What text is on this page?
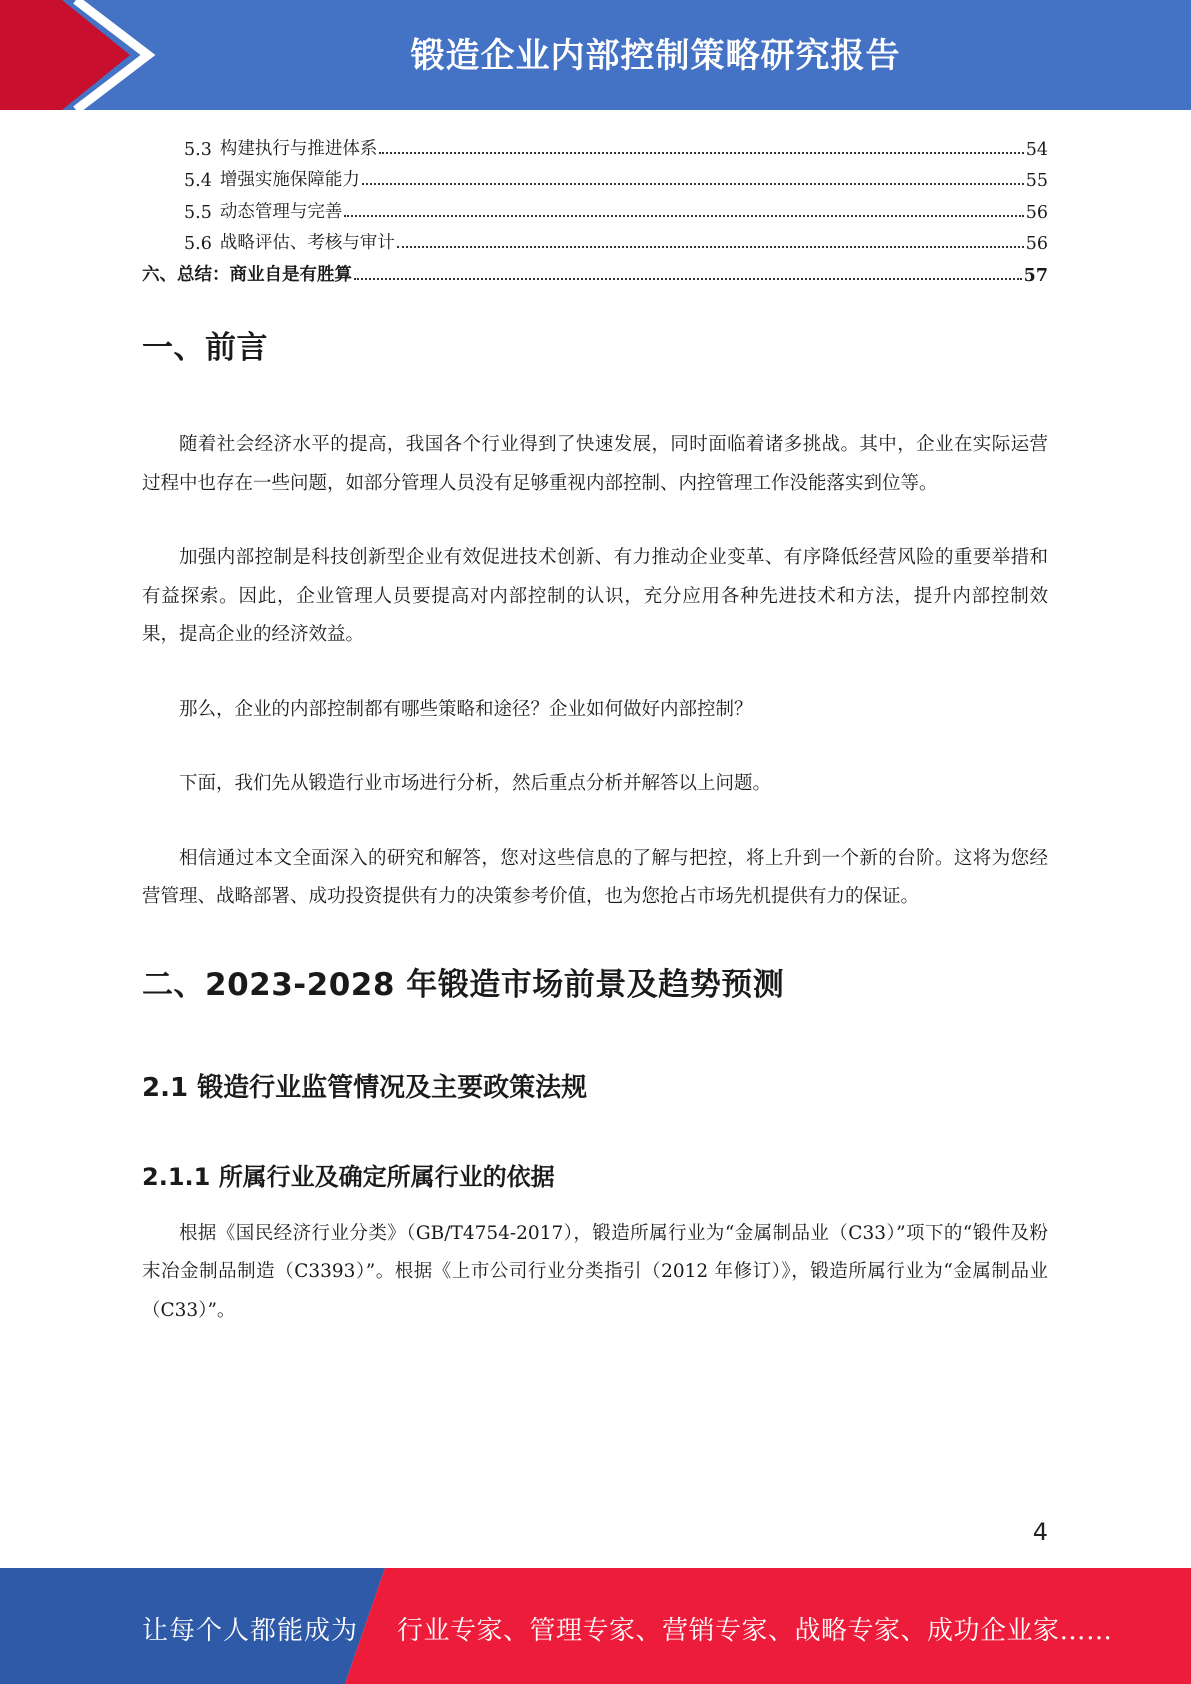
锻造企业内部控制策略研究报告
5.3 构建执行与推进体系	54
5.4 增强实施保障能力	55
5.5 动态管理与完善	56
5.6 战略评估、考核与审计	56
六、总结：商业自是有胜算	57
一、前言

随着社会经济水平的提高，我国各个行业得到了快速发展，同时面临着诸多挑战。其中，企业在实际运营过程中也存在一些问题，如部分管理人员没有足够重视内部控制、内控管理工作没能落实到位等。

加强内部控制是科技创新型企业有效促进技术创新、有力推动企业变革、有序降低经营风险的重要举措和有益探索。因此，企业管理人员要提高对内部控制的认识，充分应用各种先进技术和方法，提升内部控制效果，提高企业的经济效益。

那么，企业的内部控制都有哪些策略和途径？企业如何做好内部控制？

下面，我们先从锻造行业市场进行分析，然后重点分析并解答以上问题。

相信通过本文全面深入的研究和解答，您对这些信息的了解与把控，将上升到一个新的台阶。这将为您经营管理、战略部署、成功投资提供有力的决策参考价值，也为您抢占市场先机提供有力的保证。

二、2023-2028 年锻造市场前景及趋势预测
2.1 锻造行业监管情况及主要政策法规
2.1.1 所属行业及确定所属行业的依据

根据《国民经济行业分类》（GB/T4754-2017），锻造所属行业为“金属制品业（C33）”项下的“锻件及粉末冶金制品制造（C3393）”。根据《上市公司行业分类指引（2012 年修订）》，锻造所属行业为“金属制品业（C33）”。

4
让每个人都能成为 行业专家、管理专家、营销专家、战略专家、成功企业家……
